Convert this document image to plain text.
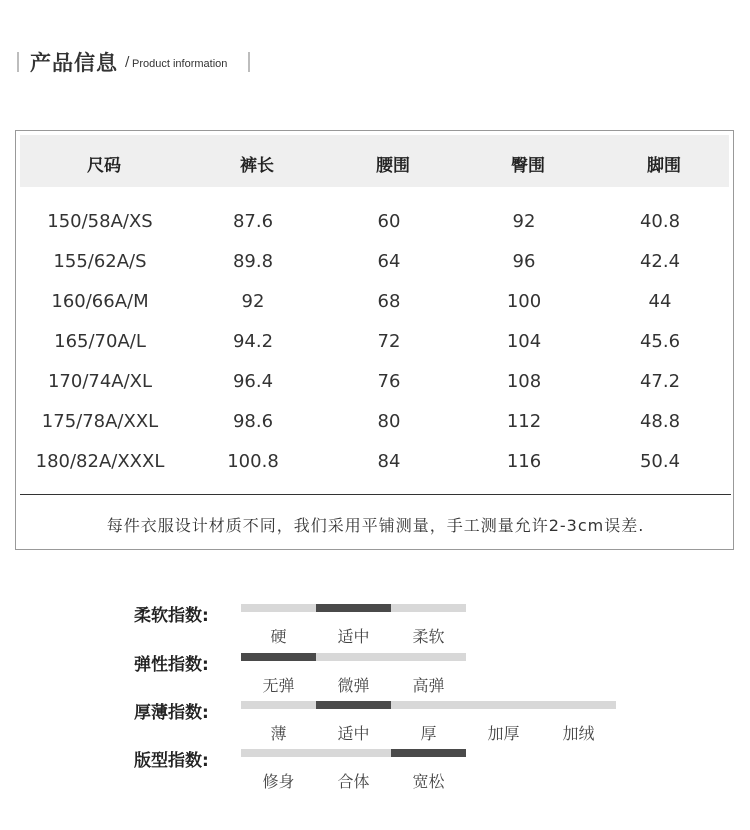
产品信息 / Product information
尺码	裤长	腰围	臀围	脚围
150/58A/XS	87.6	60	92	40.8
155/62A/S	89.8	64	96	42.4
160/66A/M	92	68	100	44
165/70A/L	94.2	72	104	45.6
170/74A/XL	96.4	76	108	47.2
175/78A/XXL	98.6	80	112	48.8
180/82A/XXXL	100.8	84	116	50.4
每件衣服设计材质不同，我们采用平铺测量，手工测量允许2-3cm误差.
柔软指数:
硬	适中	柔软
弹性指数:
无弹	微弹	高弹
厚薄指数:
薄	适中	厚	加厚	加绒
版型指数:
修身	合体	宽松
